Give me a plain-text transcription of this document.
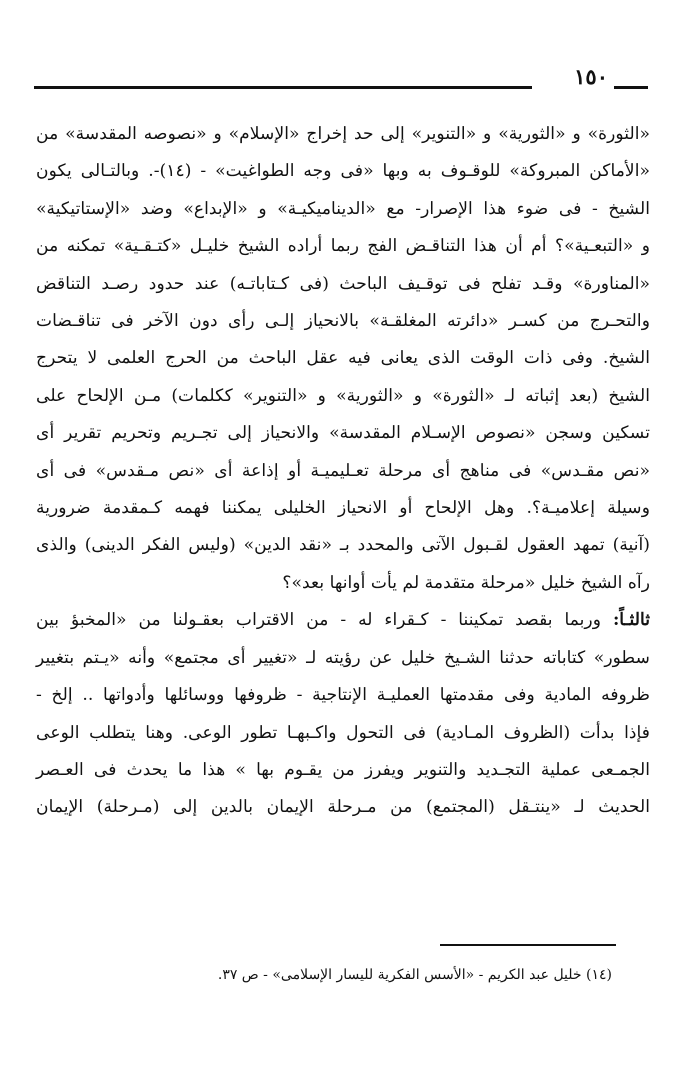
١٥٠

«الثورة» و «الثورية» و «التنوير» إلى حد إخراج «الإسلام» و «نصوصه المقدسة» من
«الأماكن المبروكة» للوقـوف به وبها «فى وجه الطواغيت» - (١٤)-. وبالتـالى يكون
الشيخ - فى ضوء هذا الإصرار- مع «الديناميكيـة» و «الإبداع» وضد «الإستاتيكية»
و «التبعـية»؟ أم أن هذا التناقـض الفج ربما أراده الشيخ خليـل «كتـقـية» تمكنه من
«المناورة» وقـد تفلح فى توقـيف الباحث (فى كـتاباتـه) عند حدود رصـد التناقض
والتحـرج من كسـر «دائرته المغلقـة» بالانحياز إلـى رأى دون الآخر فى تناقـضات
الشيخ. وفى ذات الوقت الذى يعانى فيه عقل الباحث من الحرج العلمى لا يتحرج
الشيخ (بعد إثباته لـ «الثورة» و «الثورية» و «التنوير» ككلمات) مـن الإلحاح على
تسكين وسجن «نصوص الإسـلام المقدسة» والانحياز إلى تجـريم وتحريم تقرير أى
«نص مقـدس» فى مناهج أى مرحلة تعـليميـة أو إذاعة أى «نص مـقدس» فى أى
وسيلة إعلاميـة؟. وهل الإلحاح أو الانحياز الخليلى يمكننا فهمه كـمقدمة ضرورية
(آنية) تمهد العقول لقـبول الآتى والمحدد بـ «نقد الدين» (وليس الفكر الدينى) والذى
رآه الشيخ خليل «مرحلة متقدمة لم يأت أوانها بعد»؟

ثالثـاً: وربما بقصد تمكيننا - كـقراء له - من الاقتراب بعقـولنا من «المخبؤ بين
سطور» كتاباته حدثنا الشـيخ خليل عن رؤيته لـ «تغيير أى مجتمع» وأنه «يـتم بتغيير
ظروفه المادية وفى مقدمتها العمليـة الإنتاجية - ظروفها ووسائلها وأدواتها .. إلخ -
فإذا بدأت (الظروف المـادية) فى التحول واكـبهـا تطور الوعى. وهنا يتطلب الوعى
الجمـعى عملية التجـديد والتنوير ويفرز من يقـوم بها » هذا ما يحدث فى العـصر
الحديث لـ «ينتـقل (المجتمع) من مـرحلة الإيمان بالدين إلى (مـرحلة) الإيمان

(١٤) خليل عبد الكريم - «الأسس الفكرية لليسار الإسلامى» - ص ٣٧.
